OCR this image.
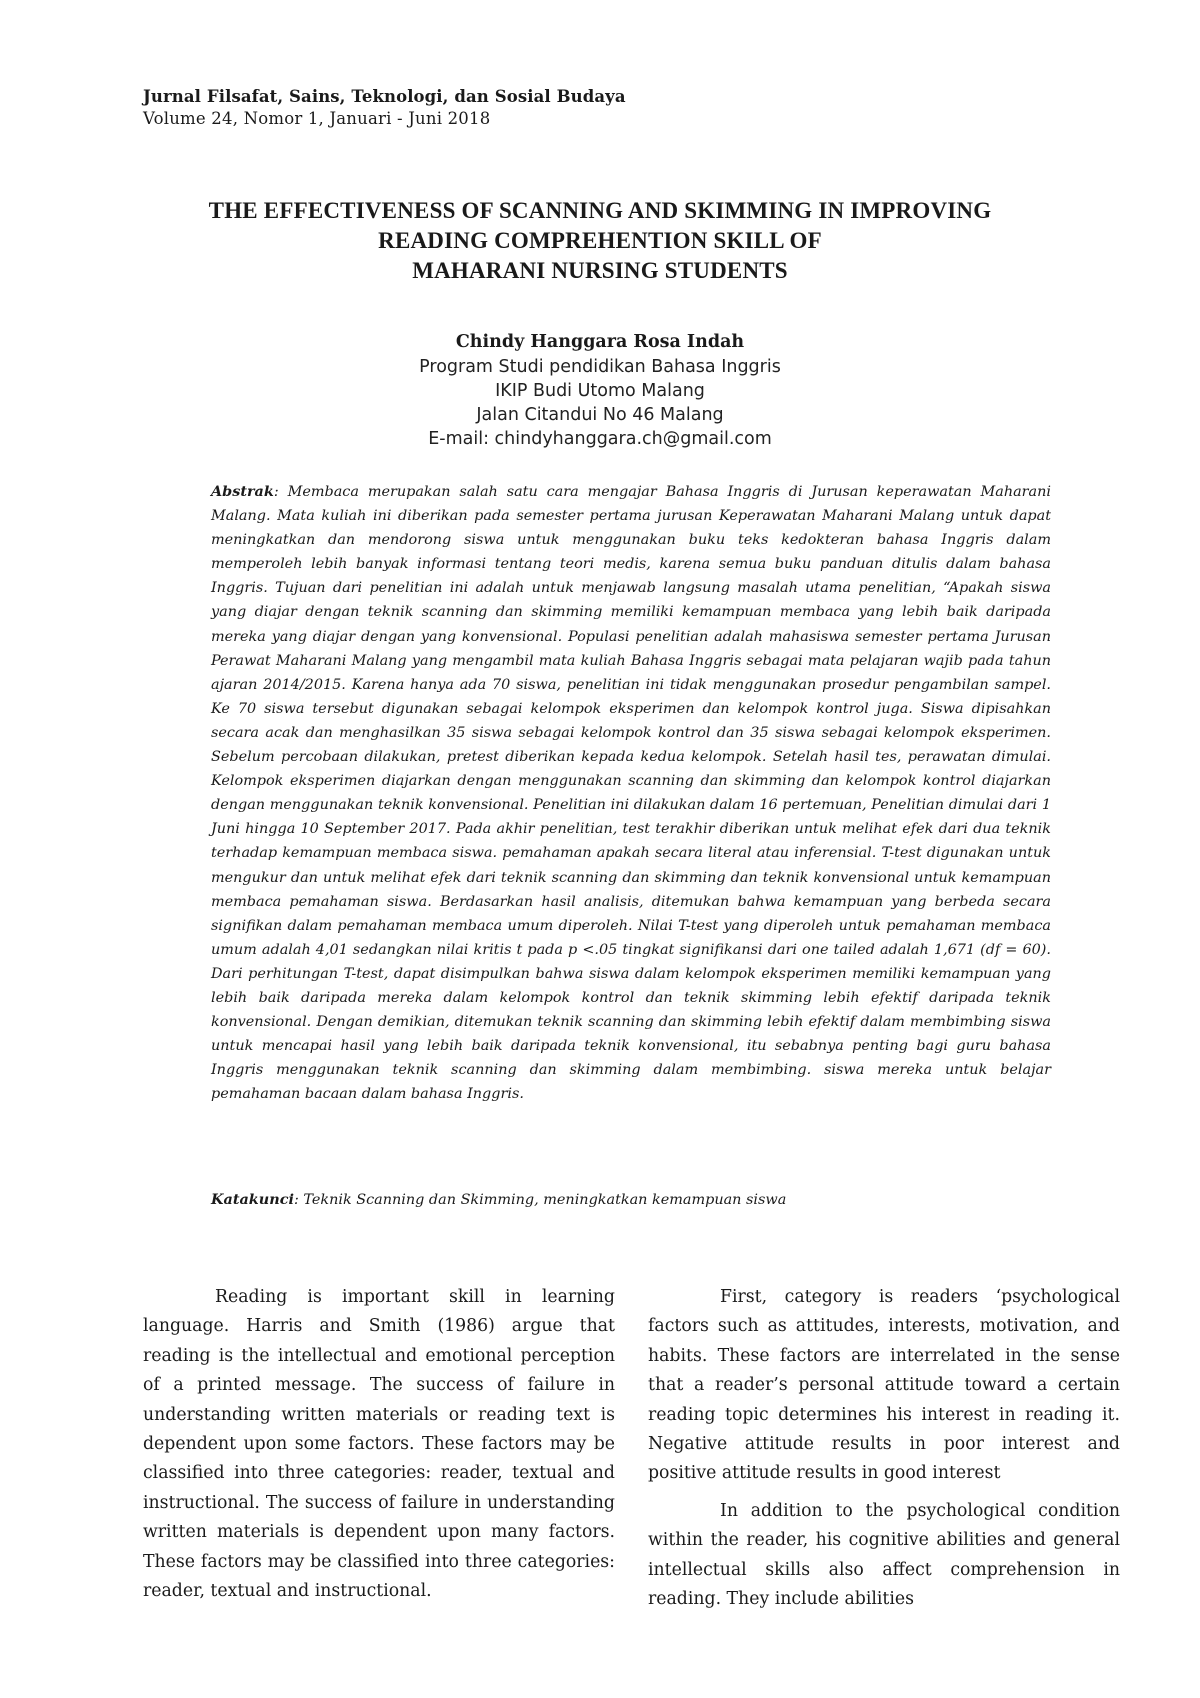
Jurnal Filsafat, Sains, Teknologi, dan Sosial Budaya
Volume 24, Nomor 1, Januari - Juni 2018
THE EFFECTIVENESS OF SCANNING AND SKIMMING IN IMPROVING
READING COMPREHENTION SKILL OF
MAHARANI NURSING STUDENTS
Chindy Hanggara Rosa Indah
Program Studi pendidikan Bahasa Inggris
IKIP Budi Utomo Malang
Jalan Citandui No 46 Malang
E-mail: chindyhanggara.ch@gmail.com
Abstrak: Membaca merupakan salah satu cara mengajar Bahasa Inggris di Jurusan keperawatan Maharani Malang. Mata kuliah ini diberikan pada semester pertama jurusan Keperawatan Maharani Malang untuk dapat meningkatkan dan mendorong siswa untuk menggunakan buku teks kedokteran bahasa Inggris dalam memperoleh lebih banyak informasi tentang teori medis, karena semua buku panduan ditulis dalam bahasa Inggris. Tujuan dari penelitian ini adalah untuk menjawab langsung masalah utama penelitian, “Apakah siswa yang diajar dengan teknik scanning dan skimming memiliki kemampuan membaca yang lebih baik daripada mereka yang diajar dengan yang konvensional. Populasi penelitian adalah mahasiswa semester pertama Jurusan Perawat Maharani Malang yang mengambil mata kuliah Bahasa Inggris sebagai mata pelajaran wajib pada tahun ajaran 2014/2015. Karena hanya ada 70 siswa, penelitian ini tidak menggunakan prosedur pengambilan sampel. Ke 70 siswa tersebut digunakan sebagai kelompok eksperimen dan kelompok kontrol juga. Siswa dipisahkan secara acak dan menghasilkan 35 siswa sebagai kelompok kontrol dan 35 siswa sebagai kelompok eksperimen. Sebelum percobaan dilakukan, pretest diberikan kepada kedua kelompok. Setelah hasil tes, perawatan dimulai. Kelompok eksperimen diajarkan dengan menggunakan scanning dan skimming dan kelompok kontrol diajarkan dengan menggunakan teknik konvensional. Penelitian ini dilakukan dalam 16 pertemuan, Penelitian dimulai dari 1 Juni hingga 10 September 2017. Pada akhir penelitian, test terakhir diberikan untuk melihat efek dari dua teknik terhadap kemampuan membaca siswa. pemahaman apakah secara literal atau inferensial. T-test digunakan untuk mengukur dan untuk melihat efek dari teknik scanning dan skimming dan teknik konvensional untuk kemampuan membaca pemahaman siswa. Berdasarkan hasil analisis, ditemukan bahwa kemampuan yang berbeda secara signifikan dalam pemahaman membaca umum diperoleh. Nilai T-test yang diperoleh untuk pemahaman membaca umum adalah 4,01 sedangkan nilai kritis t pada p <.05 tingkat signifikansi dari one tailed adalah 1,671 (df = 60). Dari perhitungan T-test, dapat disimpulkan bahwa siswa dalam kelompok eksperimen memiliki kemampuan yang lebih baik daripada mereka dalam kelompok kontrol dan teknik skimming lebih efektif daripada teknik konvensional. Dengan demikian, ditemukan teknik scanning dan skimming lebih efektif dalam membimbing siswa untuk mencapai hasil yang lebih baik daripada teknik konvensional, itu sebabnya penting bagi guru bahasa Inggris menggunakan teknik scanning dan skimming dalam membimbing. siswa mereka untuk belajar pemahaman bacaan dalam bahasa Inggris.
Katakunci: Teknik Scanning dan Skimming, meningkatkan kemampuan siswa

Reading is important skill in learning language. Harris and Smith (1986) argue that reading is the intellectual and emotional perception of a printed message. The success of failure in understanding written materials or reading text is dependent upon some factors. These factors may be classified into three categories: reader, textual and instructional. The success of failure in understanding written materials is dependent upon many factors. These factors may be classified into three categories: reader, textual and instructional.

First, category is readers ‘psychological factors such as attitudes, interests, motivation, and habits. These factors are interrelated in the sense that a reader’s personal attitude toward a certain reading topic determines his interest in reading it. Negative attitude results in poor interest and positive attitude results in good interest

In addition to the psychological condition within the reader, his cognitive abilities and general intellectual skills also affect comprehension in reading. They include abilities
